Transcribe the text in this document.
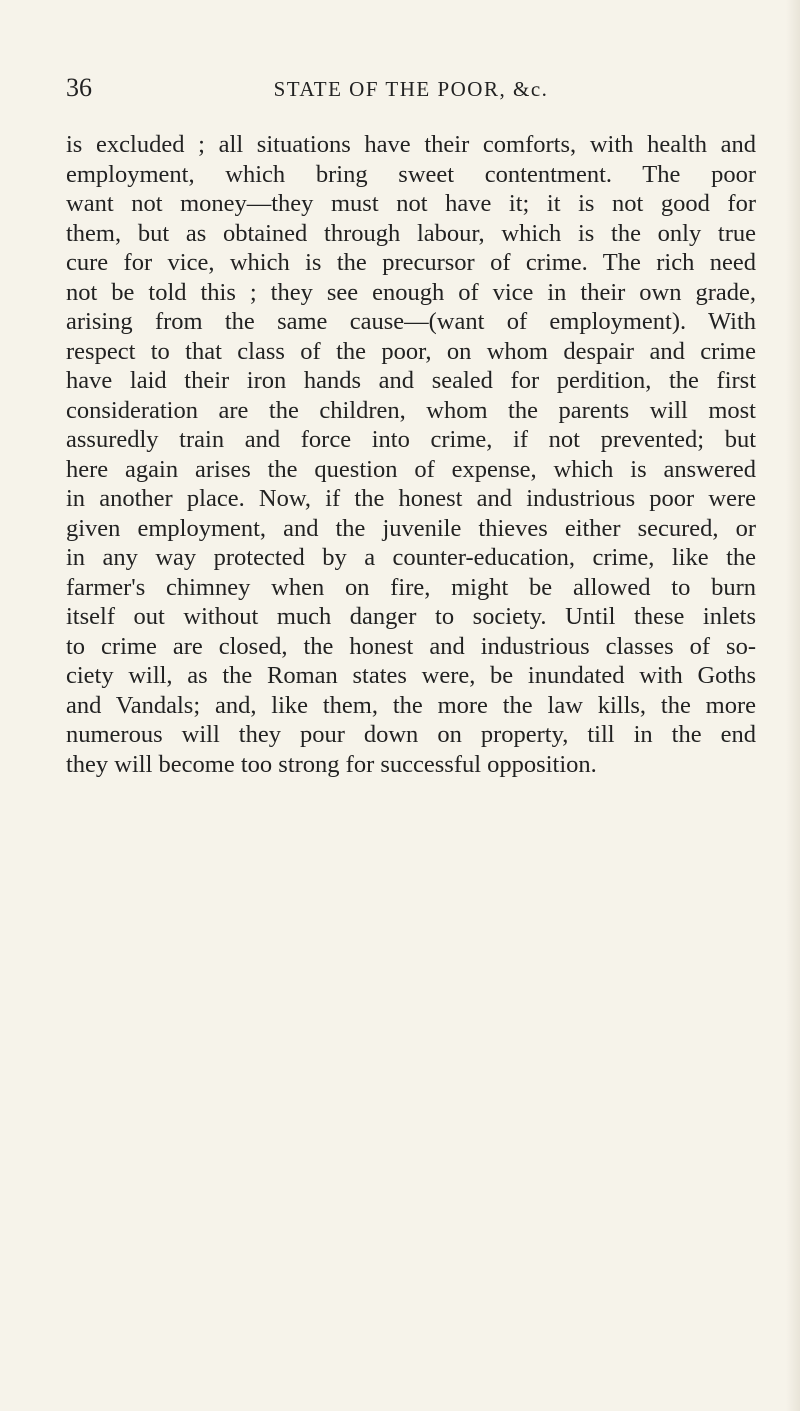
36	STATE OF THE POOR, &c.
is excluded ; all situations have their comforts, with health and
employment, which bring sweet contentment. The poor
want not money—they must not have it; it is not good for
them, but as obtained through labour, which is the only true
cure for vice, which is the precursor of crime. The rich need
not be told this ; they see enough of vice in their own grade,
arising from the same cause—(want of employment). With
respect to that class of the poor, on whom despair and crime
have laid their iron hands and sealed for perdition, the first
consideration are the children, whom the parents will most
assuredly train and force into crime, if not prevented; but
here again arises the question of expense, which is answered
in another place. Now, if the honest and industrious poor were
given employment, and the juvenile thieves either secured, or
in any way protected by a counter-education, crime, like the
farmer's chimney when on fire, might be allowed to burn
itself out without much danger to society. Until these inlets
to crime are closed, the honest and industrious classes of so-
ciety will, as the Roman states were, be inundated with Goths
and Vandals; and, like them, the more the law kills, the more
numerous will they pour down on property, till in the end
they will become too strong for successful opposition.
